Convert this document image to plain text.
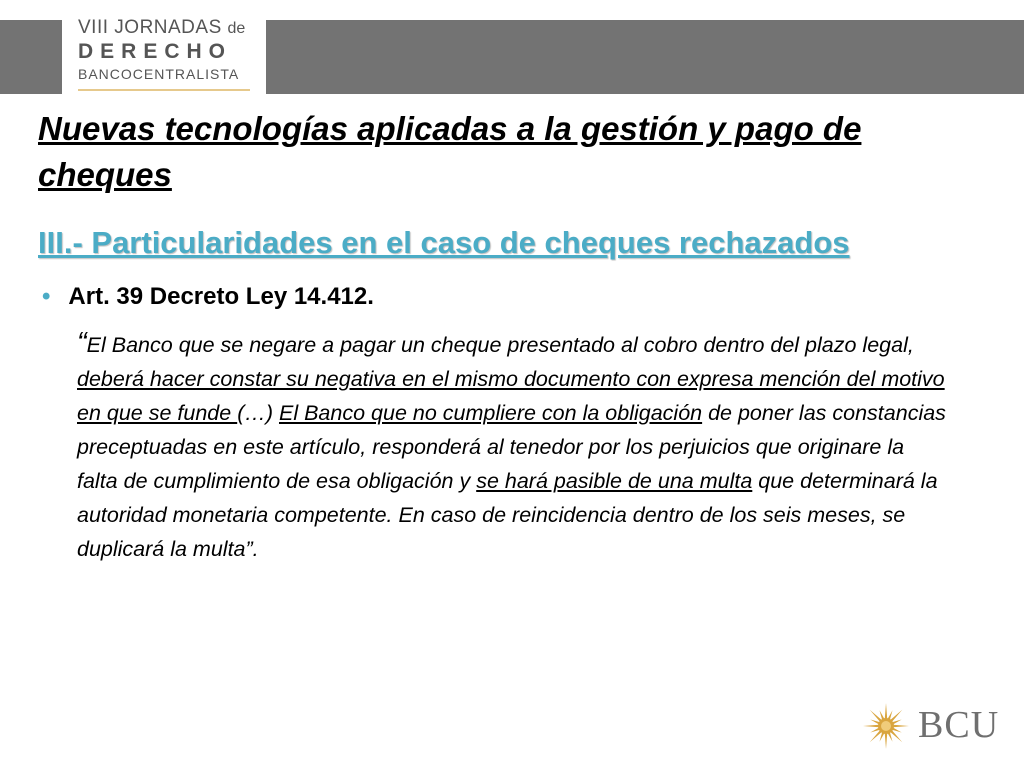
VIII JORNADAS de
DERECHO
BANCOCENTRALISTA
Nuevas tecnologías aplicadas a la gestión y pago de cheques
III.- Particularidades en el caso de cheques rechazados
• Art. 39 Decreto Ley 14.412.

“El Banco que se negare a pagar un cheque presentado al cobro dentro del plazo legal, deberá hacer constar su negativa en el mismo documento con expresa mención del motivo en que se funde (…) El Banco que no cumpliere con la obligación de poner las constancias preceptuadas en este artículo, responderá al tenedor por los perjuicios que originare la falta de cumplimiento de esa obligación y se hará pasible de una multa que determinará la autoridad monetaria competente. En caso de reincidencia dentro de los seis meses, se duplicará la multa”.

BCU
